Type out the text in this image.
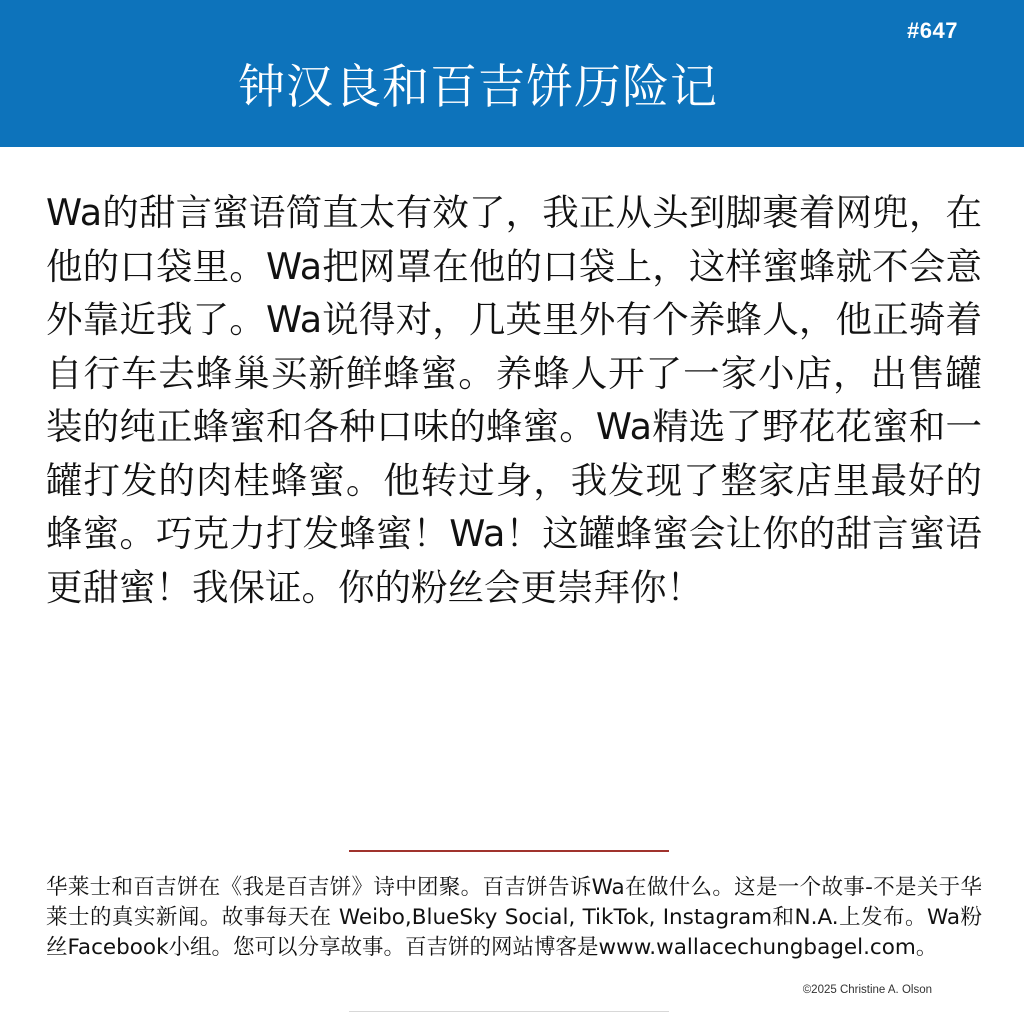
#647
钟汉良和百吉饼历险记

Wa的甜言蜜语简直太有效了，我正从头到脚裹着网兜，在他的口袋里。Wa把网罩在他的口袋上，这样蜜蜂就不会意外靠近我了。Wa说得对，几英里外有个养蜂人，他正骑着自行车去蜂巢买新鲜蜂蜜。养蜂人开了一家小店，出售罐装的纯正蜂蜜和各种口味的蜂蜜。Wa精选了野花花蜜和一罐打发的肉桂蜂蜜。他转过身，我发现了整家店里最好的蜂蜜。巧克力打发蜂蜜！Wa！这罐蜂蜜会让你的甜言蜜语更甜蜜！我保证。你的粉丝会更崇拜你！

华莱士和百吉饼在《我是百吉饼》诗中团聚。百吉饼告诉Wa在做什么。这是一个故事-不是关于华莱士的真实新闻。故事每天在 Weibo,BlueSky Social, TikTok, Instagram和N.A.上发布。Wa粉丝Facebook小组。您可以分享故事。百吉饼的网站博客是www.wallacechungbagel.com。

©2025 Christine A. Olson
